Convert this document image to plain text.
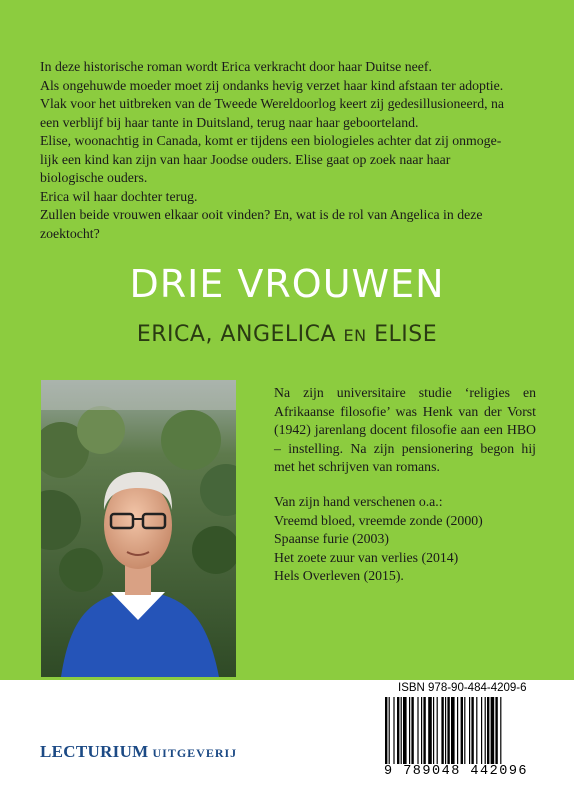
In deze historische roman wordt Erica verkracht door haar Duitse neef.

Als ongehuwde moeder moet zij ondanks hevig verzet haar kind afstaan ter adoptie.

Vlak voor het uitbreken van de Tweede Wereldoorlog keert zij gedesillusioneerd, na een verblijf bij haar tante in Duitsland, terug naar haar geboorteland.

Elise, woonachtig in Canada, komt er tijdens een biologieles achter dat zij onmoge-lijk een kind kan zijn van haar Joodse ouders. Elise gaat op zoek naar haar biologische ouders.

Erica wil haar dochter terug.

Zullen beide vrouwen elkaar ooit vinden? En, wat is de rol van Angelica in deze zoektocht?

DRIE VROUWEN
ERICA, ANGELICA EN ELISE

Na zijn universitaire studie ‘religies en Afrikaanse filosofie’ was Henk van der Vorst (1942) jarenlang docent filosofie aan een HBO – instelling. Na zijn pensionering begon hij met het schrijven van romans.

Van zijn hand verschenen o.a.:
Vreemd bloed, vreemde zonde (2000)
Spaanse furie (2003)
Het zoete zuur van verlies (2014)
Hels Overleven (2015).
LECTURIUM UITGEVERIJ
ISBN 978-90-484-4209-6
9 789048 442096
